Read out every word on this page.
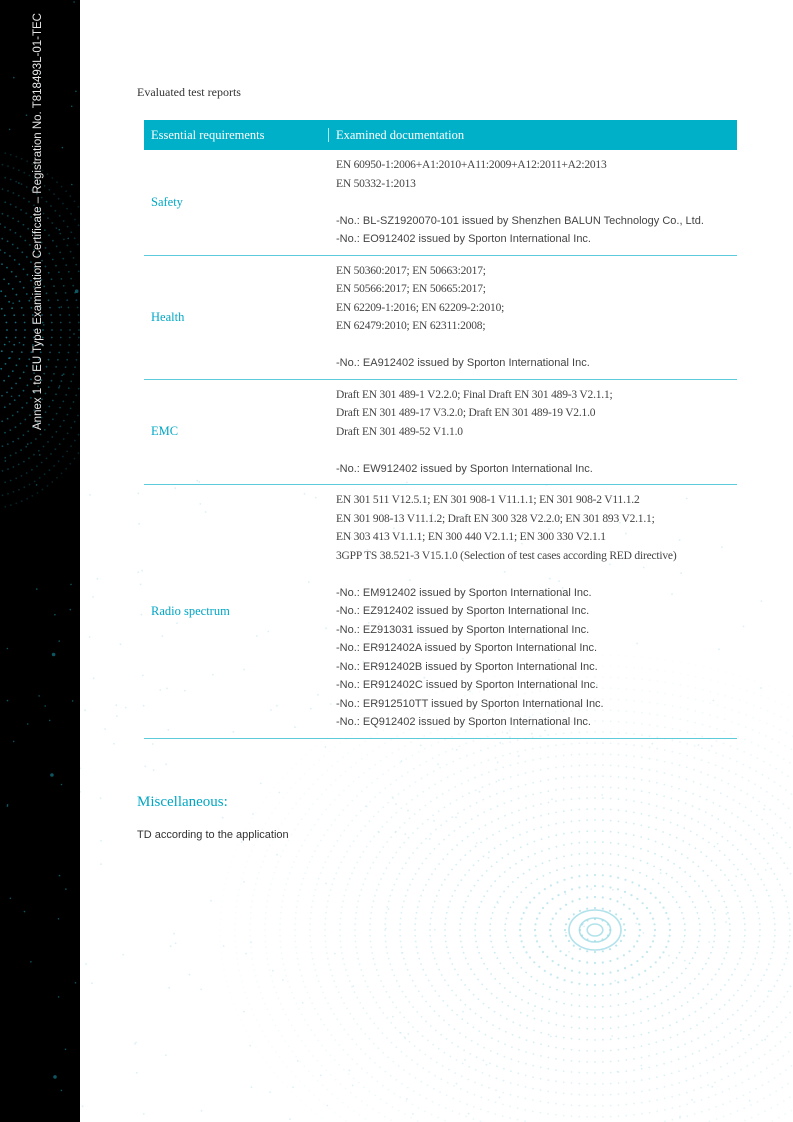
Annex 1 to EU Type Examination Certificate – Registration No. T818493L-01-TEC	Evaluated test reports
Essential requirements	Examined documentation
Safety
EN 60950-1:2006+A1:2010+A11:2009+A12:2011+A2:2013
EN 50332-1:2013
-No.: BL-SZ1920070-101 issued by Shenzhen BALUN Technology Co., Ltd.
-No.: EO912402 issued by Sporton International Inc.
Health
EN 50360:2017; EN 50663:2017;
EN 50566:2017; EN 50665:2017;
EN 62209-1:2016; EN 62209-2:2010;
EN 62479:2010; EN 62311:2008;
-No.: EA912402 issued by Sporton International Inc.
EMC
Draft EN 301 489-1 V2.2.0; Final Draft EN 301 489-3 V2.1.1;
Draft EN 301 489-17 V3.2.0; Draft EN 301 489-19 V2.1.0
Draft EN 301 489-52 V1.1.0
-No.: EW912402 issued by Sporton International Inc.
Radio spectrum
EN 301 511 V12.5.1; EN 301 908-1 V11.1.1; EN 301 908-2 V11.1.2
EN 301 908-13 V11.1.2; Draft EN 300 328 V2.2.0; EN 301 893 V2.1.1;
EN 303 413 V1.1.1; EN 300 440 V2.1.1; EN 300 330 V2.1.1
3GPP TS 38.521-3 V15.1.0 (Selection of test cases according RED directive)
-No.: EM912402 issued by Sporton International Inc.
-No.: EZ912402 issued by Sporton International Inc.
-No.: EZ913031 issued by Sporton International Inc.
-No.: ER912402A issued by Sporton International Inc.
-No.: ER912402B issued by Sporton International Inc.
-No.: ER912402C issued by Sporton International Inc.
-No.: ER912510TT issued by Sporton International Inc.
-No.: EQ912402 issued by Sporton International Inc.
Miscellaneous:
TD according to the application
